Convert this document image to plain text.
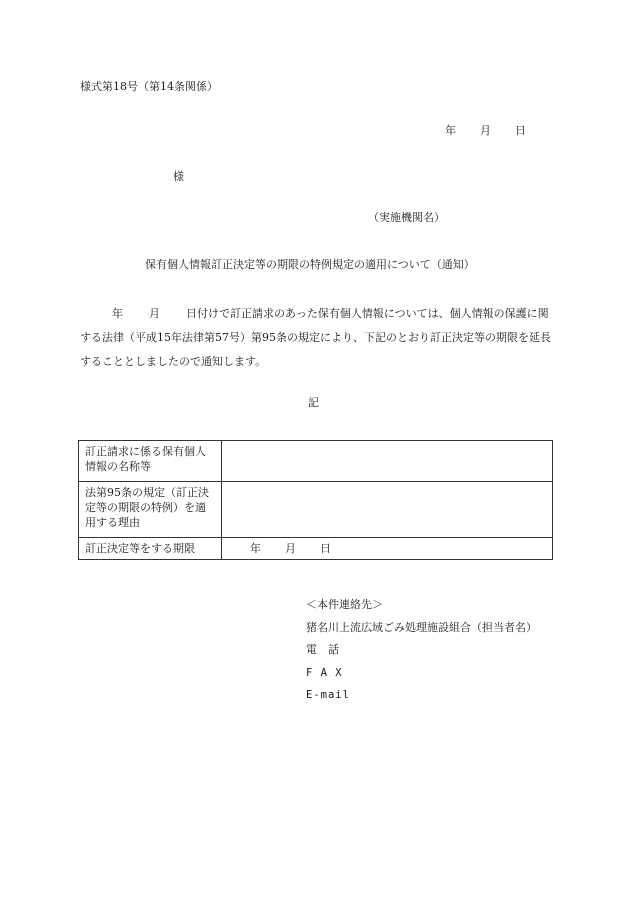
様式第18号（第14条関係）
年 月 日
様
（実施機関名）
保有個人情報訂正決定等の期限の特例規定の適用について（通知）

年 月 日付けで訂正請求のあった保有個人情報については、個人情報の保護に関する法律（平成15年法律第57号）第95条の規定により、下記のとおり訂正決定等の期限を延長することとしましたので通知します。

記
訂正請求に係る保有個人情報の名称等	
法第95条の規定（訂正決定等の期限の特例）を適用する理由	
訂正決定等をする期限	年 月 日
＜本件連絡先＞
猪名川上流広域ごみ処理施設組合（担当者名）
電　話
F A X
E-mail
